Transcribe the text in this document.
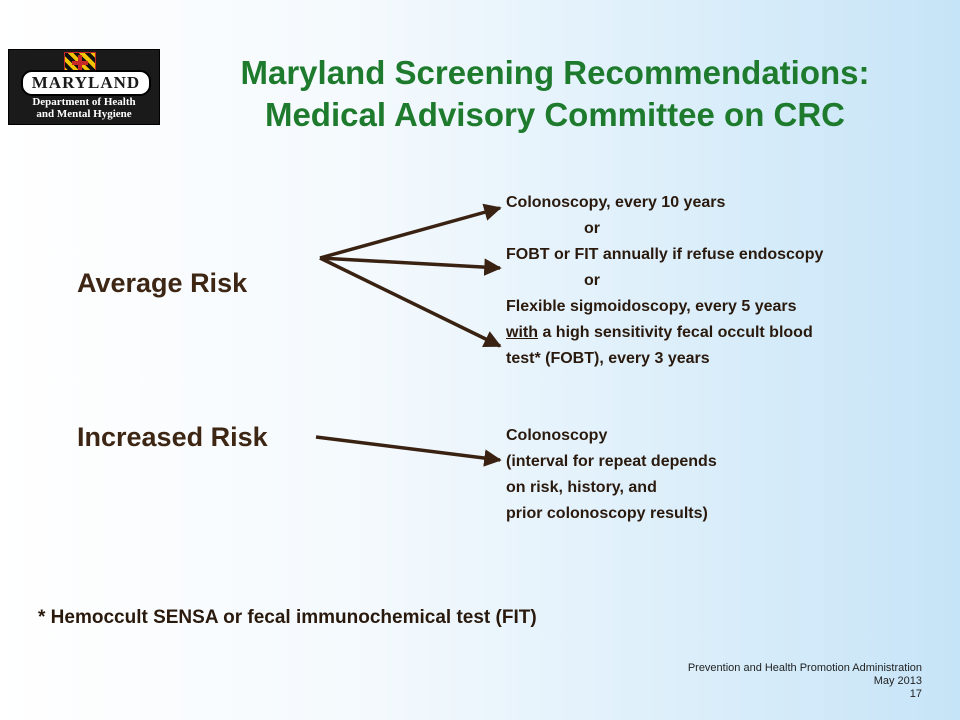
MARYLAND
Department of Health
and Mental Hygiene
Maryland Screening Recommendations:
Medical Advisory Committee on CRC
Average Risk
Increased Risk
Colonoscopy, every 10 years
or
FOBT or FIT annually if refuse endoscopy
or
Flexible sigmoidoscopy, every 5 years
with a high sensitivity fecal occult blood
test* (FOBT), every 3 years
Colonoscopy
(interval for repeat depends
on risk, history, and
prior colonoscopy results)
* Hemoccult SENSA or fecal immunochemical test (FIT)
Prevention and Health Promotion Administration
May 2013
17
